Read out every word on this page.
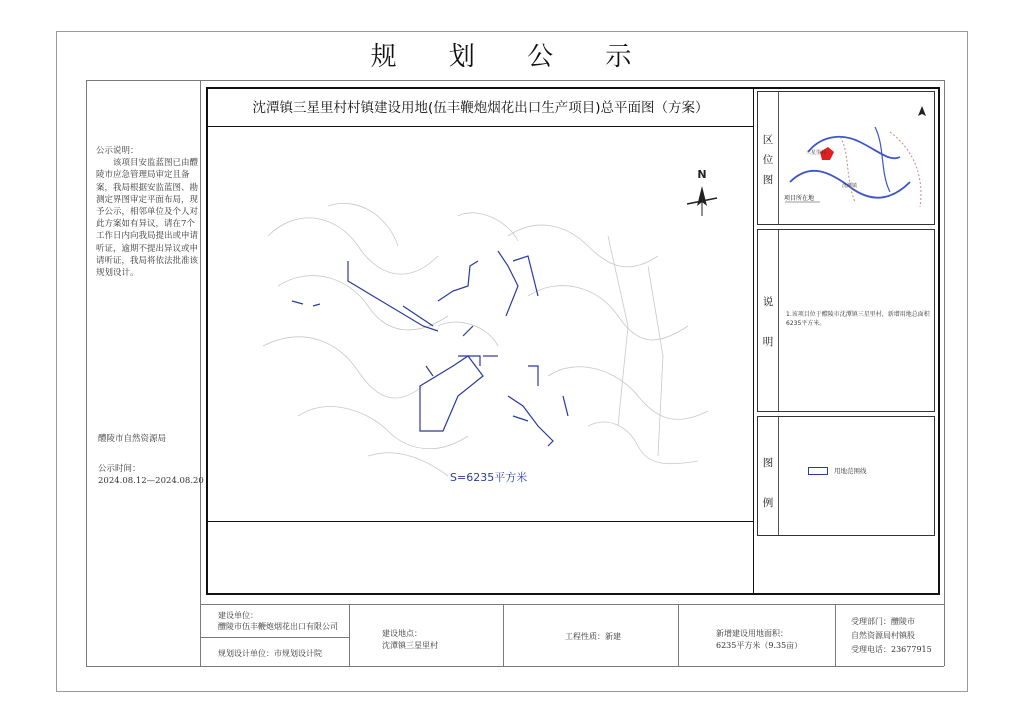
规 划 公 示
公示说明：
该项目安监蓝图已由醴陵市应急管理局审定且备案，我局根据安监蓝图、勘测定界图审定平面布局，现予公示，相邻单位及个人对此方案如有异议，请在7个工作日内向我局提出或申请听证，逾期不提出异议或申请听证，我局将依法批准该规划设计。
醴陵市自然资源局
公示时间：
2024.08.12—2024.08.20
沈潭镇三星里村村镇建设用地(伍丰鞭炮烟花出口生产项目)总平面图（方案）
N
S=6235平方米
区
位
图
三星里村
沈潭镇
项目所在地
说

明
1.该项目位于醴陵市沈潭镇三星里村，新增用地总面积6235平方米。
图

例
用地范围线
建设单位：
醴陵市伍丰鞭炮烟花出口有限公司
规划设计单位：市规划设计院
建设地点：
沈潭镇三星里村
工程性质：新建	新增建设用地面积：
6235平方米（9.35亩）
受理部门：醴陵市
自然资源局村镇股
受理电话：23677915
